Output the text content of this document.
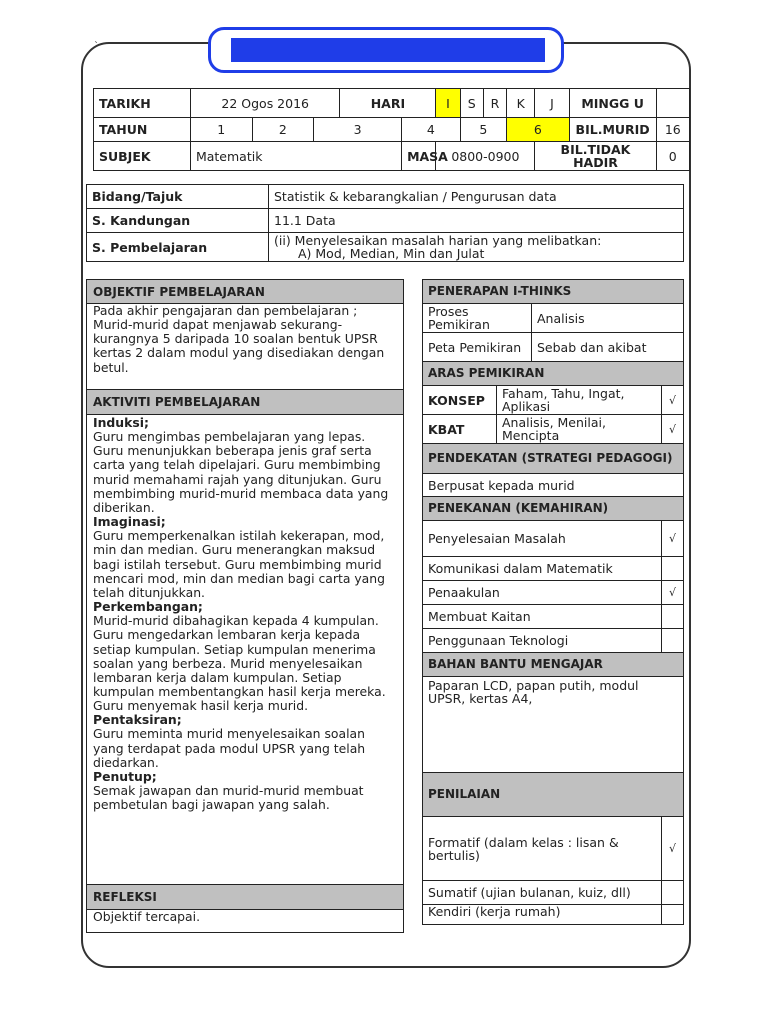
`
TARIKH	22 Ogos 2016			HARI		I	S	R	K	J	MINGG U	
TAHUN	1	2	3		4		5		6		BIL.MURID	16
SUBJEK	Matematik				MASA	0800-0900				BIL.TIDAK HADIR		0
Bidang/Tajuk	Statistik & kebarangkalian / Pengurusan data
S. Kandungan	11.1 Data
S. Pembelajaran	(ii) Menyelesaikan masalah harian yang melibatkan:
A) Mod, Median, Min dan Julat
OBJEKTIF PEMBELAJARAN
Pada akhir pengajaran dan pembelajaran ; Murid-murid dapat menjawab sekurang-kurangnya 5 daripada 10 soalan bentuk UPSR kertas 2 dalam modul yang disediakan dengan betul.
AKTIVITI PEMBELAJARAN
Induksi;
Guru mengimbas pembelajaran yang lepas. Guru menunjukkan beberapa jenis graf serta carta yang telah dipelajari. Guru membimbing murid memahami rajah yang ditunjukan. Guru membimbing murid-murid membaca data yang diberikan.
Imaginasi;
Guru memperkenalkan istilah kekerapan, mod, min dan median. Guru menerangkan maksud bagi istilah tersebut. Guru membimbing murid mencari mod, min dan median bagi carta yang telah ditunjukkan.
Perkembangan;
Murid-murid dibahagikan kepada 4 kumpulan. Guru mengedarkan lembaran kerja kepada setiap kumpulan. Setiap kumpulan menerima soalan yang berbeza. Murid menyelesaikan lembaran kerja dalam kumpulan. Setiap kumpulan membentangkan hasil kerja mereka. Guru menyemak hasil kerja murid.
Pentaksiran;
Guru meminta murid menyelesaikan soalan yang terdapat pada modul UPSR yang telah diedarkan.
Penutup;
Semak jawapan dan murid-murid membuat pembetulan bagi jawapan yang salah.
REFLEKSI
Objektif tercapai.
PENERAPAN I-THINKS			
Proses Pemikiran		Analisis	
Peta Pemikiran		Sebab dan akibat	
ARAS PEMIKIRAN			
KONSEP	Faham, Tahu, Ingat, Aplikasi		√
KBAT	Analisis, Menilai, Mencipta		√
PENDEKATAN (STRATEGI PEDAGOGI)			
Berpusat kepada murid			
PENEKANAN (KEMAHIRAN)			
Penyelesaian Masalah			√
Komunikasi dalam Matematik			
Penaakulan			√
Membuat Kaitan			
Penggunaan Teknologi			
BAHAN BANTU MENGAJAR			
Paparan LCD, papan putih, modul UPSR, kertas A4,			
PENILAIAN			
Formatif (dalam kelas : lisan & bertulis)			√
Sumatif (ujian bulanan, kuiz, dll)			
Kendiri (kerja rumah)			
